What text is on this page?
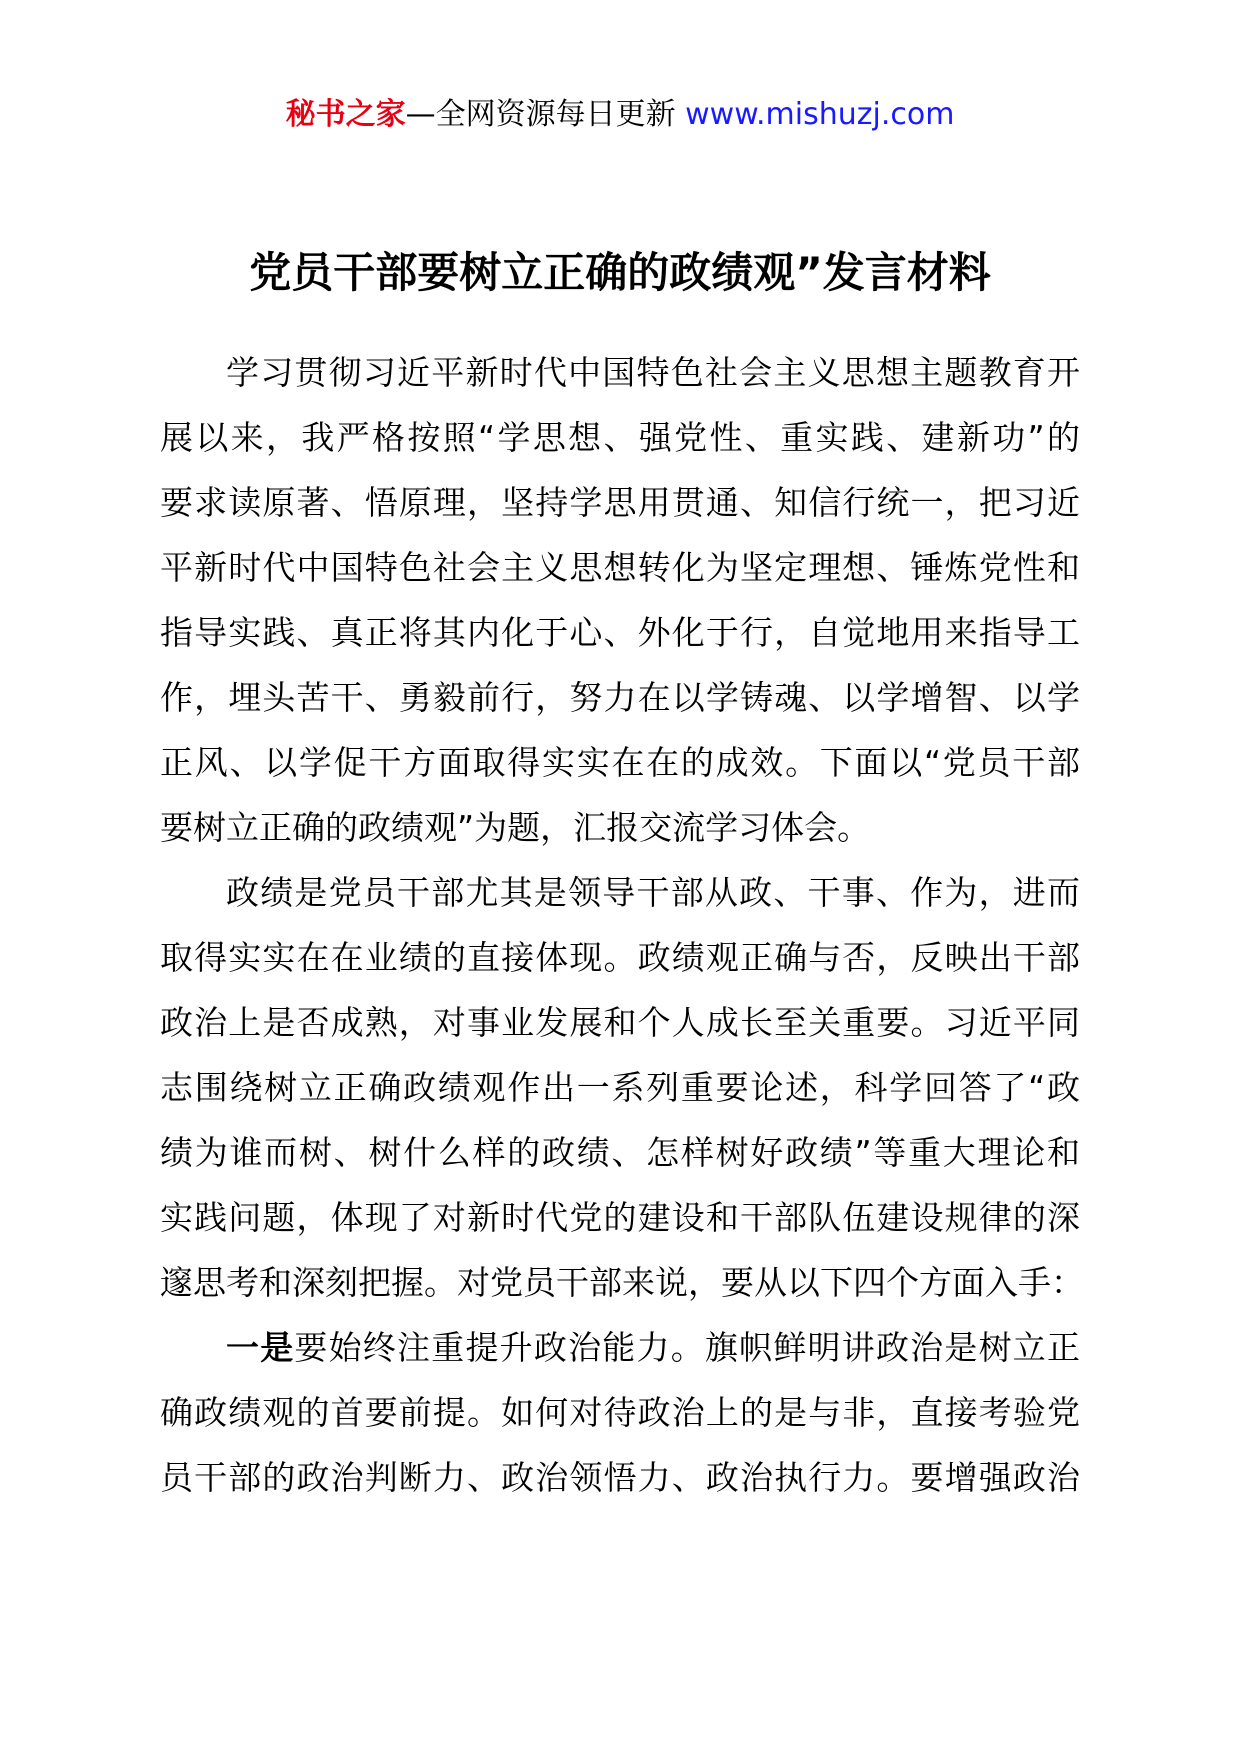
秘书之家—全网资源每日更新 www.mishuzj.com
党员干部要树立正确的政绩观”发言材料
学习贯彻习近平新时代中国特色社会主义思想主题教育开
展以来，我严格按照“学思想、强党性、重实践、建新功”的
要求读原著、悟原理，坚持学思用贯通、知信行统一，把习近
平新时代中国特色社会主义思想转化为坚定理想、锤炼党性和
指导实践、真正将其内化于心、外化于行，自觉地用来指导工
作，埋头苦干、勇毅前行，努力在以学铸魂、以学增智、以学
正风、以学促干方面取得实实在在的成效。下面以“党员干部
要树立正确的政绩观”为题，汇报交流学习体会。
政绩是党员干部尤其是领导干部从政、干事、作为，进而
取得实实在在业绩的直接体现。政绩观正确与否，反映出干部
政治上是否成熟，对事业发展和个人成长至关重要。习近平同
志围绕树立正确政绩观作出一系列重要论述，科学回答了“政
绩为谁而树、树什么样的政绩、怎样树好政绩”等重大理论和
实践问题，体现了对新时代党的建设和干部队伍建设规律的深
邃思考和深刻把握。对党员干部来说，要从以下四个方面入手：
一是要始终注重提升政治能力。旗帜鲜明讲政治是树立正
确政绩观的首要前提。如何对待政治上的是与非，直接考验党
员干部的政治判断力、政治领悟力、政治执行力。要增强政治
